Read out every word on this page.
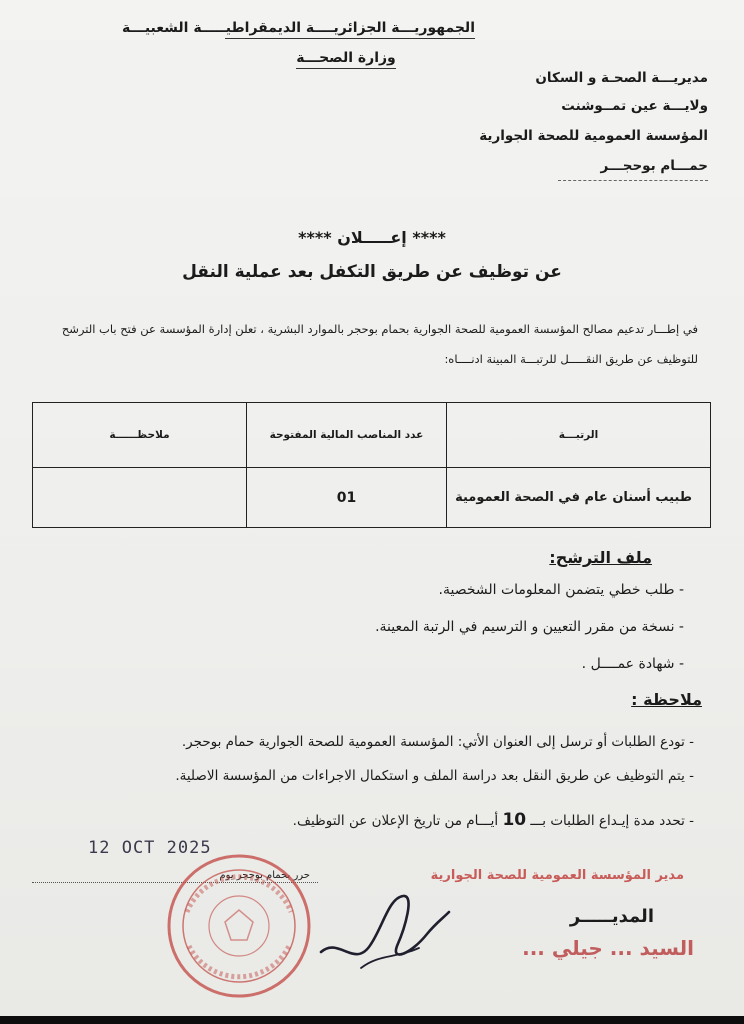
الجمهوريـــة الجزائريــــة الديمقراطيـــــة الشعبيـــة
وزارة الصحـــة
مديريـــة الصحـة و السكان
ولايـــة عين تمــوشنت
المؤسسة العمومية للصحة الجوارية
حمـــام بوحجـــر
**** إعـــــلان ****
عن توظيف عن طريق التكفل بعد عملية النقل
في إطـــار تدعيم مصالح المؤسسة العمومية للصحة الجوارية بحمام بوحجر بالموارد البشرية ، تعلن إدارة المؤسسة عن فتح باب الترشح
للتوظيف عن طريق النقـــــل للرتبـــة المبينة ادنــــاه:
الرتبـــة	عدد المناصب المالية المفتوحة	ملاحظــــــة
طبيب أسنان عام في الصحة العمومية	01	
ملف الترشح:
- طلب خطي يتضمن المعلومات الشخصية.
- نسخة من مقرر التعيين و الترسيم في الرتبة المعينة.
- شهادة عمــــل .
ملاحظة :
- تودع الطلبات أو ترسل إلى العنوان الأتي: المؤسسة العمومية للصحة الجوارية حمام بوحجر.
- يتم التوظيف عن طريق النقل بعد دراسة الملف و استكمال الاجراءات من المؤسسة الاصلية.
- تحدد مدة إيـداع الطلبات بـــ 10 أيـــام من تاريخ الإعلان عن التوظيف.
12 OCT 2025
حرر بحمام بوحجر يوم	مدير المؤسسة العمومية للصحة الجوارية
المديـــــر
السيد ... جيلي ...
